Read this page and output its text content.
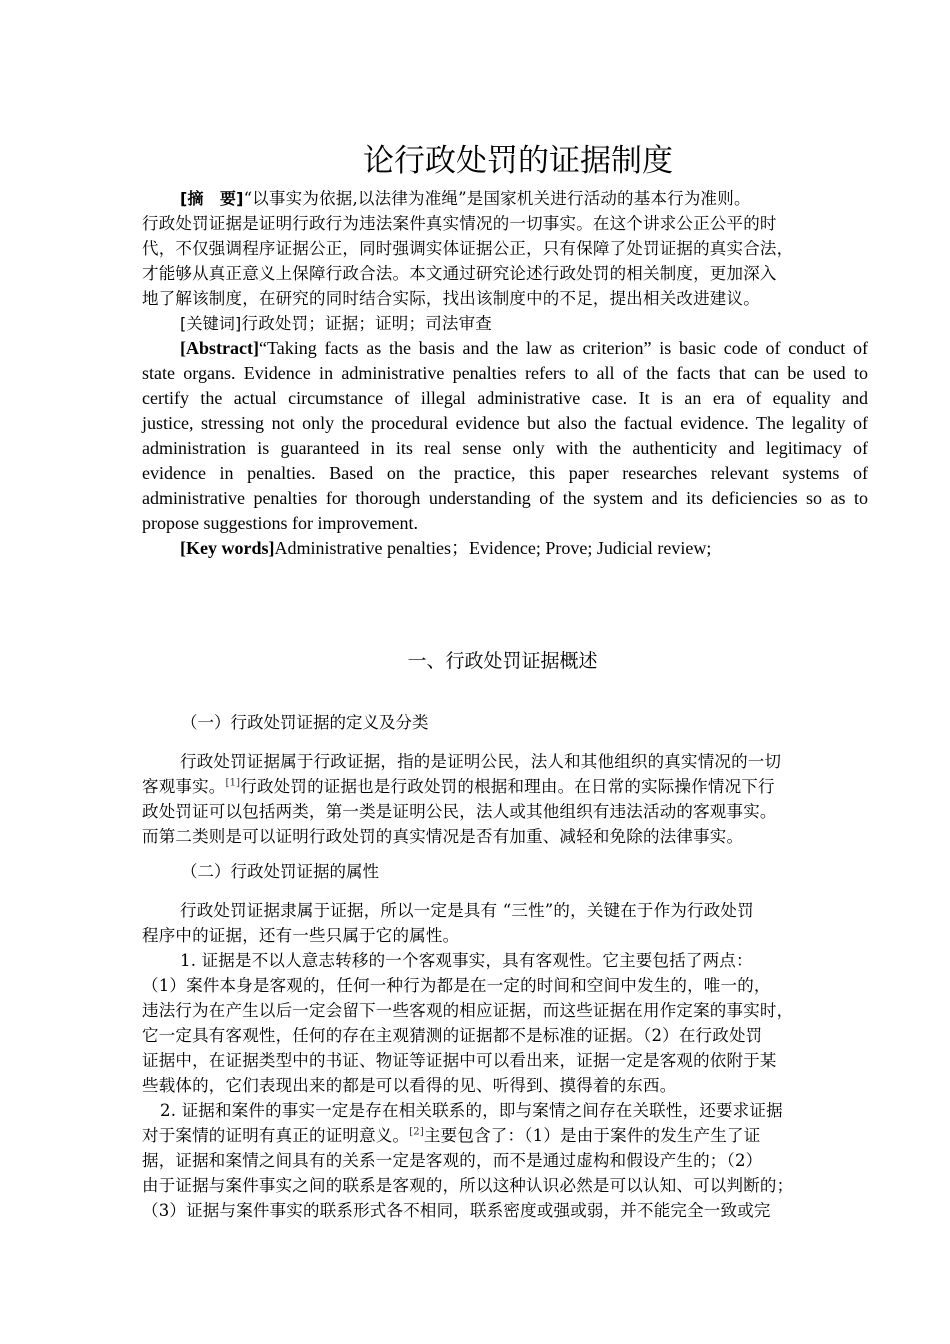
论行政处罚的证据制度
[摘　要]“以事实为依据,以法律为准绳”是国家机关进行活动的基本行为准则。
行政处罚证据是证明行政行为违法案件真实情况的一切事实。在这个讲求公正公平的时
代，不仅强调程序证据公正，同时强调实体证据公正，只有保障了处罚证据的真实合法，
才能够从真正意义上保障行政合法。本文通过研究论述行政处罚的相关制度，更加深入
地了解该制度，在研究的同时结合实际，找出该制度中的不足，提出相关改进建议。
[关键词]行政处罚；证据；证明；司法审查
[Abstract]“Taking facts as the basis and the law as criterion” is basic code of conduct of
state organs. Evidence in administrative penalties refers to all of the facts that can be used to
certify the actual circumstance of illegal administrative case. It is an era of equality and
justice, stressing not only the procedural evidence but also the factual evidence. The legality of
administration is guaranteed in its real sense only with the authenticity and legitimacy of
evidence in penalties. Based on the practice, this paper researches relevant systems of
administrative penalties for thorough understanding of the system and its deficiencies so as to
propose suggestions for improvement.
[Key words]Administrative penalties；Evidence; Prove; Judicial review;
一、行政处罚证据概述
（一）行政处罚证据的定义及分类
行政处罚证据属于行政证据，指的是证明公民，法人和其他组织的真实情况的一切
客观事实。[1]行政处罚的证据也是行政处罚的根据和理由。在日常的实际操作情况下行
政处罚证可以包括两类，第一类是证明公民，法人或其他组织有违法活动的客观事实。
而第二类则是可以证明行政处罚的真实情况是否有加重、减轻和免除的法律事实。
（二）行政处罚证据的属性
行政处罚证据隶属于证据，所以一定是具有 “三性”的，关键在于作为行政处罚
程序中的证据，还有一些只属于它的属性。
1. 证据是不以人意志转移的一个客观事实，具有客观性。它主要包括了两点：
（1）案件本身是客观的，任何一种行为都是在一定的时间和空间中发生的，唯一的，
违法行为在产生以后一定会留下一些客观的相应证据，而这些证据在用作定案的事实时，
它一定具有客观性，任何的存在主观猜测的证据都不是标准的证据。（2）在行政处罚
证据中，在证据类型中的书证、物证等证据中可以看出来，证据一定是客观的依附于某
些载体的，它们表现出来的都是可以看得的见、听得到、摸得着的东西。
2. 证据和案件的事实一定是存在相关联系的，即与案情之间存在关联性，还要求证据
对于案情的证明有真正的证明意义。[2]主要包含了：（1）是由于案件的发生产生了证
据，证据和案情之间具有的关系一定是客观的，而不是通过虚构和假设产生的；（2）
由于证据与案件事实之间的联系是客观的，所以这种认识必然是可以认知、可以判断的；
（3）证据与案件事实的联系形式各不相同，联系密度或强或弱，并不能完全一致或完
